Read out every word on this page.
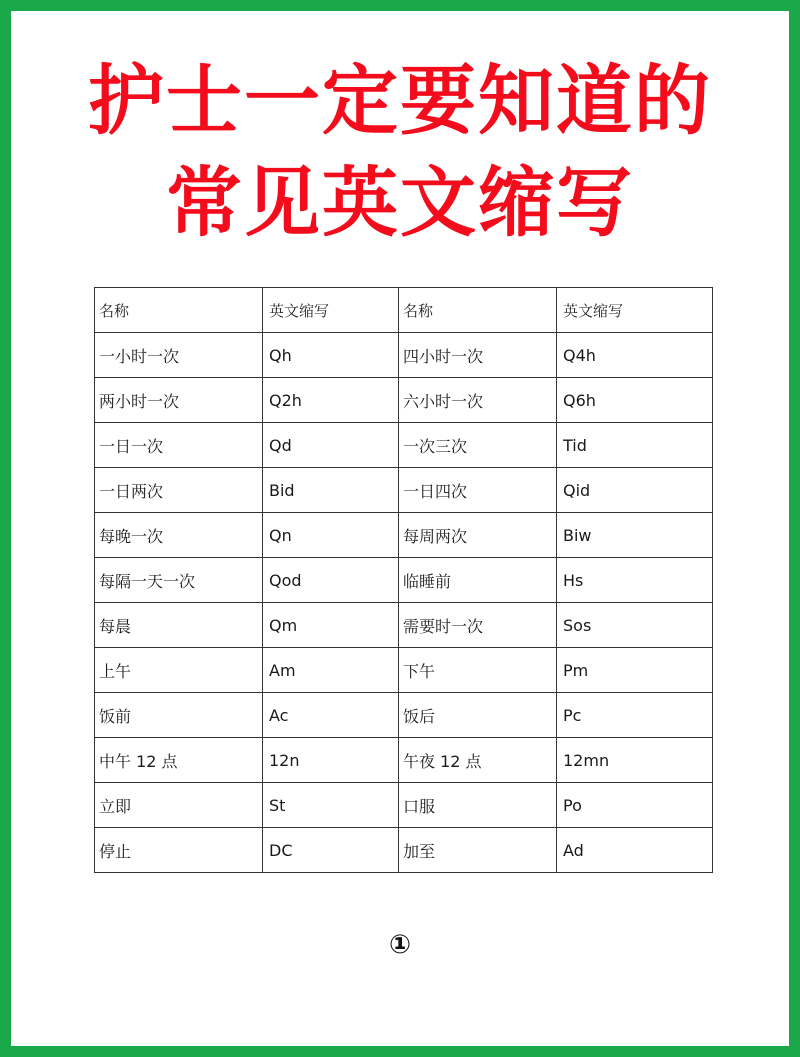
护士一定要知道的
常见英文缩写
名称	英文缩写	名称	英文缩写
一小时一次	Qh	四小时一次	Q4h
两小时一次	Q2h	六小时一次	Q6h
一日一次	Qd	一次三次	Tid
一日两次	Bid	一日四次	Qid
每晚一次	Qn	每周两次	Biw
每隔一天一次	Qod	临睡前	Hs
每晨	Qm	需要时一次	Sos
上午	Am	下午	Pm
饭前	Ac	饭后	Pc
中午 12 点	12n	午夜 12 点	12mn
立即	St	口服	Po
停止	DC	加至	Ad
①
